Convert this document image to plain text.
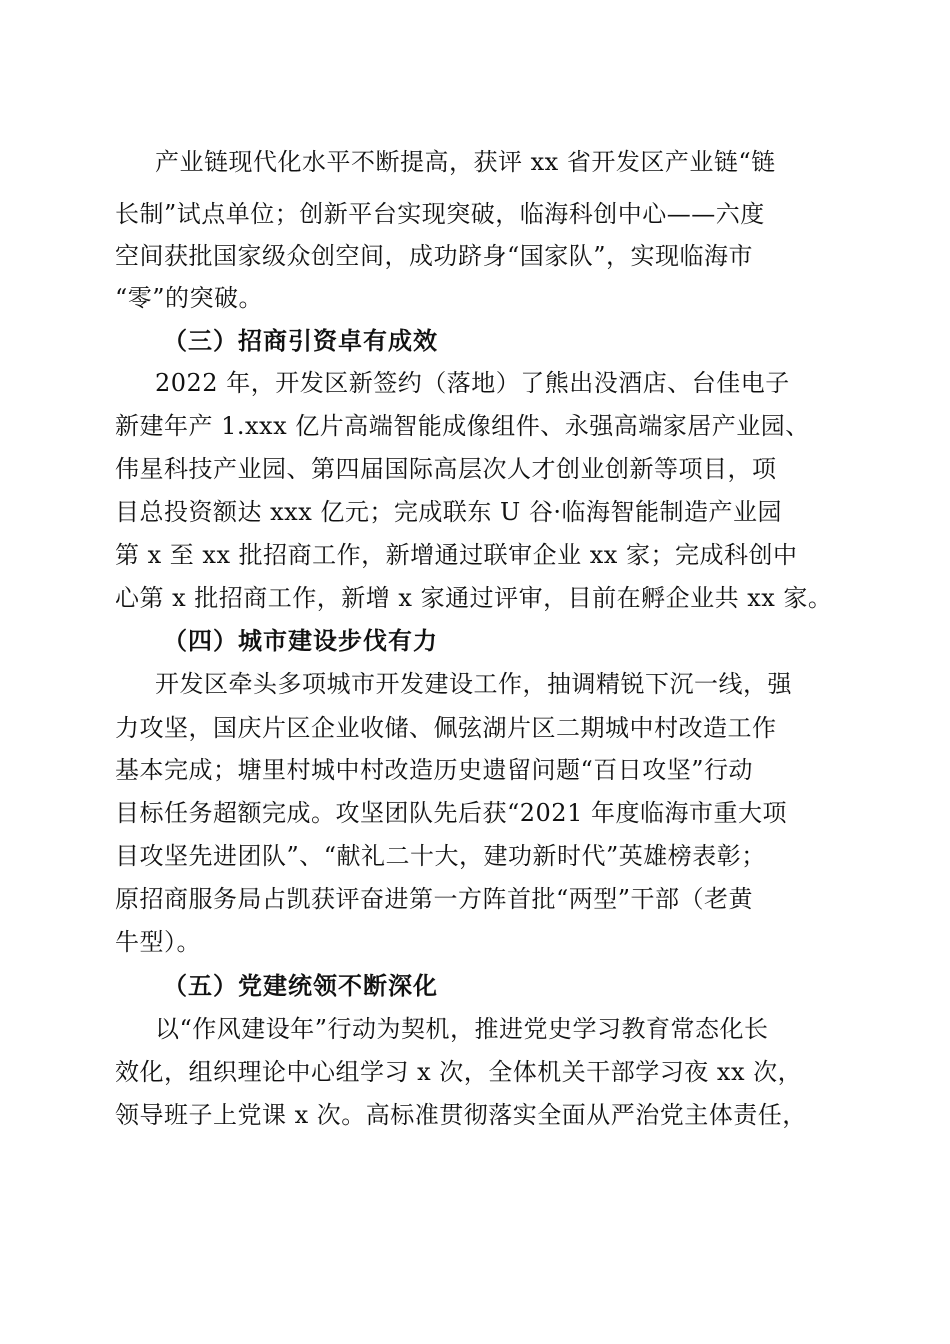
产业链现代化水平不断提高，获评 xx 省开发区产业链“链
长制”试点单位；创新平台实现突破，临海科创中心——六度
空间获批国家级众创空间，成功跻身“国家队”，实现临海市
“零”的突破。
（三）招商引资卓有成效
2022 年，开发区新签约（落地）了熊出没酒店、台佳电子
新建年产 1.xxx 亿片高端智能成像组件、永强高端家居产业园、
伟星科技产业园、第四届国际高层次人才创业创新等项目，项
目总投资额达 xxx 亿元；完成联东 U 谷·临海智能制造产业园
第 x 至 xx 批招商工作，新增通过联审企业 xx 家；完成科创中
心第 x 批招商工作，新增 x 家通过评审，目前在孵企业共 xx 家。
（四）城市建设步伐有力
开发区牵头多项城市开发建设工作，抽调精锐下沉一线，强
力攻坚，国庆片区企业收储、佩弦湖片区二期城中村改造工作
基本完成；塘里村城中村改造历史遗留问题“百日攻坚”行动
目标任务超额完成。攻坚团队先后获“2021 年度临海市重大项
目攻坚先进团队”、“献礼二十大，建功新时代”英雄榜表彰；
原招商服务局占凯获评奋进第一方阵首批“两型”干部（老黄
牛型）。
（五）党建统领不断深化
以“作风建设年”行动为契机，推进党史学习教育常态化长
效化，组织理论中心组学习 x 次，全体机关干部学习夜 xx 次，
领导班子上党课 x 次。高标准贯彻落实全面从严治党主体责任，
